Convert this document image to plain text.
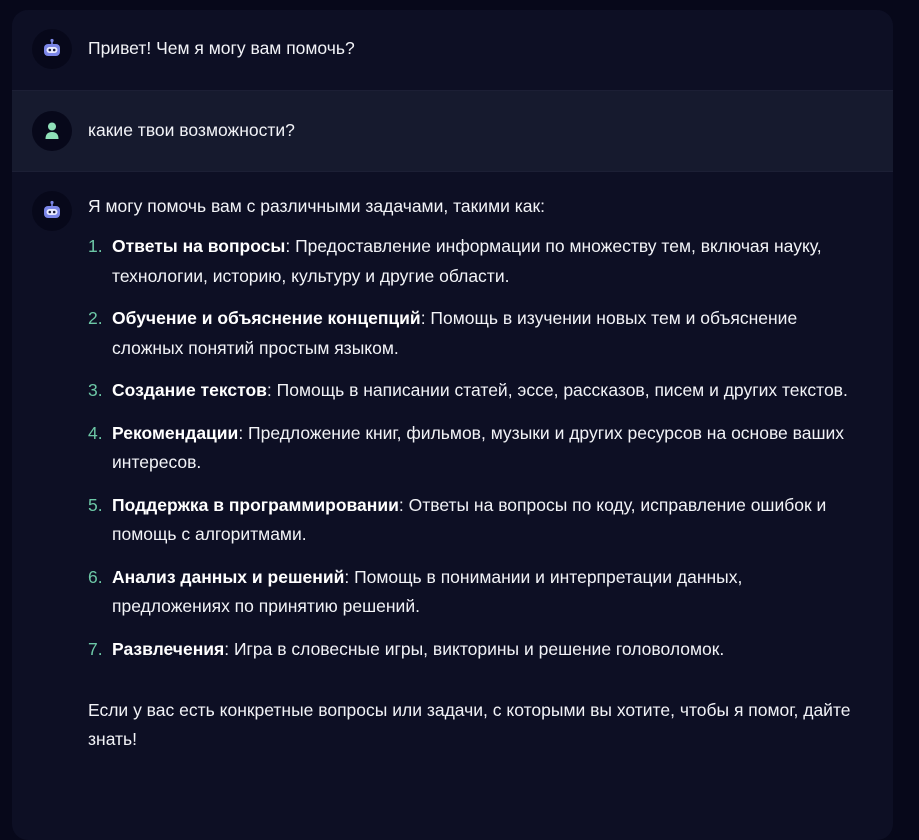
Привет! Чем я могу вам помочь?
какие твои возможности?
Я могу помочь вам с различными задачами, такими как:
1. Ответы на вопросы: Предоставление информации по множеству тем, включая науку, технологии, историю, культуру и другие области.
2. Обучение и объяснение концепций: Помощь в изучении новых тем и объяснение сложных понятий простым языком.
3. Создание текстов: Помощь в написании статей, эссе, рассказов, писем и других текстов.
4. Рекомендации: Предложение книг, фильмов, музыки и других ресурсов на основе ваших интересов.
5. Поддержка в программировании: Ответы на вопросы по коду, исправление ошибок и помощь с алгоритмами.
6. Анализ данных и решений: Помощь в понимании и интерпретации данных, предложениях по принятию решений.
7. Развлечения: Игра в словесные игры, викторины и решение головоломок.
Если у вас есть конкретные вопросы или задачи, с которыми вы хотите, чтобы я помог, дайте знать!
